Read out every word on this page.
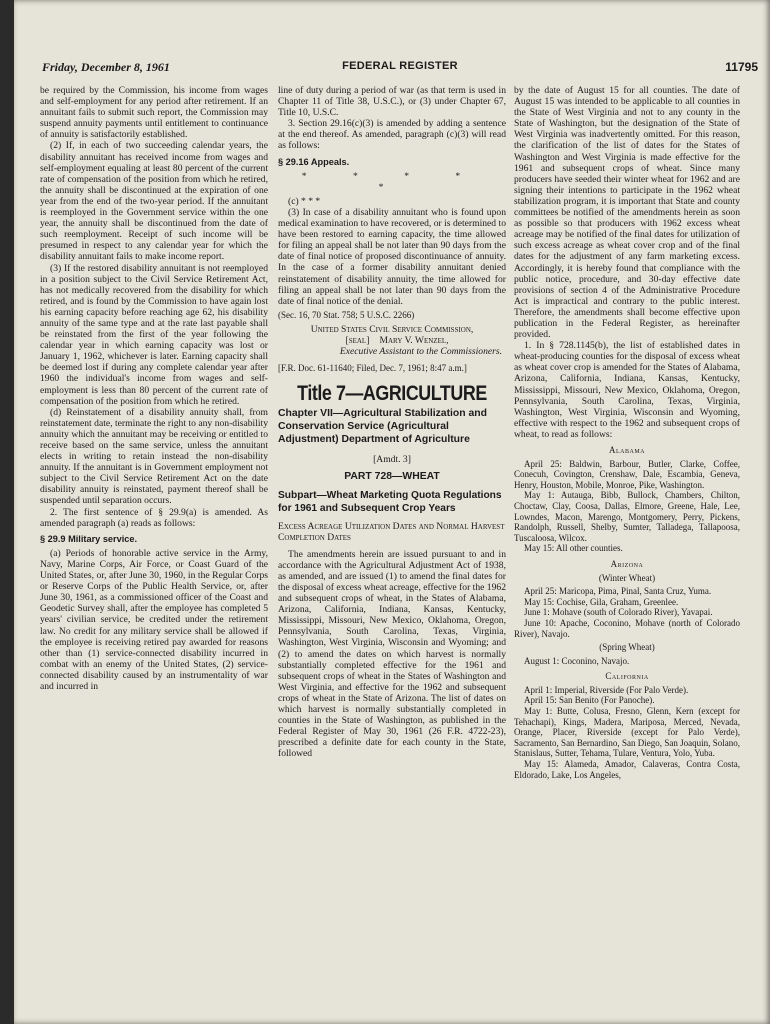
Friday, December 8, 1961	FEDERAL REGISTER	11795

be required by the Commission, his income from wages and self-employment for any period after retirement. If an annuitant fails to submit such report, the Commission may suspend annuity payments until entitlement to continuance of annuity is satisfactorily established.

(2) If, in each of two succeeding calendar years, the disability annuitant has received income from wages and self-employment equaling at least 80 percent of the current rate of compensation of the position from which he retired, the annuity shall be discontinued at the expiration of one year from the end of the two-year period. If the annuitant is reemployed in the Government service within the one year, the annuity shall be discontinued from the date of such reemployment. Receipt of such income will be presumed in respect to any calendar year for which the disability annuitant fails to make income report.

(3) If the restored disability annuitant is not reemployed in a position subject to the Civil Service Retirement Act, has not medically recovered from the disability for which retired, and is found by the Commission to have again lost his earning capacity before reaching age 62, his disability annuity of the same type and at the rate last payable shall be reinstated from the first of the year following the calendar year in which earning capacity was lost or January 1, 1962, whichever is later. Earning capacity shall be deemed lost if during any complete calendar year after 1960 the individual's income from wages and self-employment is less than 80 percent of the current rate of compensation of the position from which he retired.

(d) Reinstatement of a disability annuity shall, from reinstatement date, terminate the right to any non-disability annuity which the annuitant may be receiving or entitled to receive based on the same service, unless the annuitant elects in writing to retain instead the non-disability annuity. If the annuitant is in Government employment not subject to the Civil Service Retirement Act on the date disability annuity is reinstated, payment thereof shall be suspended until separation occurs.

2. The first sentence of § 29.9(a) is amended. As amended paragraph (a) reads as follows:

§ 29.9 Military service.

(a) Periods of honorable active service in the Army, Navy, Marine Corps, Air Force, or Coast Guard of the United States, or, after June 30, 1960, in the Regular Corps or Reserve Corps of the Public Health Service, or, after June 30, 1961, as a commissioned officer of the Coast and Geodetic Survey shall, after the employee has completed 5 years' civilian service, be credited under the retirement law. No credit for any military service shall be allowed if the employee is receiving retired pay awarded for reasons other than (1) service-connected disability incurred in combat with an enemy of the United States, (2) service-connected disability caused by an instrumentality of war and incurred in

line of duty during a period of war (as that term is used in Chapter 11 of Title 38, U.S.C.), or (3) under Chapter 67, Title 10, U.S.C.

3. Section 29.16(c)(3) is amended by adding a sentence at the end thereof. As amended, paragraph (c)(3) will read as follows:

§ 29.16 Appeals.

* * * * *

(c) * * *

(3) In case of a disability annuitant who is found upon medical examination to have recovered, or is determined to have been restored to earning capacity, the time allowed for filing an appeal shall be not later than 90 days from the date of final notice of proposed discontinuance of annuity. In the case of a former disability annuitant denied reinstatement of disability annuity, the time allowed for filing an appeal shall be not later than 90 days from the date of final notice of the denial.

(Sec. 16, 70 Stat. 758; 5 U.S.C. 2266)

United States Civil Service Commission,
[seal] Mary V. Wenzel,
Executive Assistant to the Commissioners.

[F.R. Doc. 61-11640; Filed, Dec. 7, 1961; 8:47 a.m.]

Title 7—AGRICULTURE

Chapter VII—Agricultural Stabilization and Conservation Service (Agricultural Adjustment) Department of Agriculture

[Amdt. 3]

PART 728—WHEAT

Subpart—Wheat Marketing Quota Regulations for 1961 and Subsequent Crop Years

Excess Acreage Utilization Dates and Normal Harvest Completion Dates

The amendments herein are issued pursuant to and in accordance with the Agricultural Adjustment Act of 1938, as amended, and are issued (1) to amend the final dates for the disposal of excess wheat acreage, effective for the 1962 and subsequent crops of wheat, in the States of Alabama, Arizona, California, Indiana, Kansas, Kentucky, Mississippi, Missouri, New Mexico, Oklahoma, Oregon, Pennsylvania, South Carolina, Texas, Virginia, Washington, West Virginia, Wisconsin and Wyoming; and (2) to amend the dates on which harvest is normally substantially completed effective for the 1961 and subsequent crops of wheat in the States of Washington and West Virginia, and effective for the 1962 and subsequent crops of wheat in the State of Arizona. The list of dates on which harvest is normally substantially completed in counties in the State of Washington, as published in the Federal Register of May 30, 1961 (26 F.R. 4722-23), prescribed a definite date for each county in the State, followed

by the date of August 15 for all counties. The date of August 15 was intended to be applicable to all counties in the State of West Virginia and not to any county in the State of Washington, but the designation of the State of West Virginia was inadvertently omitted. For this reason, the clarification of the list of dates for the States of Washington and West Virginia is made effective for the 1961 and subsequent crops of wheat. Since many producers have seeded their winter wheat for 1962 and are signing their intentions to participate in the 1962 wheat stabilization program, it is important that State and county committees be notified of the amendments herein as soon as possible so that producers with 1962 excess wheat acreage may be notified of the final dates for utilization of such excess acreage as wheat cover crop and of the final dates for the adjustment of any farm marketing excess. Accordingly, it is hereby found that compliance with the public notice, procedure, and 30-day effective date provisions of section 4 of the Administrative Procedure Act is impractical and contrary to the public interest. Therefore, the amendments shall become effective upon publication in the Federal Register, as hereinafter provided.

1. In § 728.1145(b), the list of established dates in wheat-producing counties for the disposal of excess wheat as wheat cover crop is amended for the States of Alabama, Arizona, California, Indiana, Kansas, Kentucky, Mississippi, Missouri, New Mexico, Oklahoma, Oregon, Pennsylvania, South Carolina, Texas, Virginia, Washington, West Virginia, Wisconsin and Wyoming, effective with respect to the 1962 and subsequent crops of wheat, to read as follows:

Alabama

April 25: Baldwin, Barbour, Butler, Clarke, Coffee, Conecuh, Covington, Crenshaw, Dale, Escambia, Geneva, Henry, Houston, Mobile, Monroe, Pike, Washington.

May 1: Autauga, Bibb, Bullock, Chambers, Chilton, Choctaw, Clay, Coosa, Dallas, Elmore, Greene, Hale, Lee, Lowndes, Macon, Marengo, Montgomery, Perry, Pickens, Randolph, Russell, Shelby, Sumter, Talladega, Tallapoosa, Tuscaloosa, Wilcox.

May 15: All other counties.

Arizona

(Winter Wheat)

April 25: Maricopa, Pima, Pinal, Santa Cruz, Yuma.

May 15: Cochise, Gila, Graham, Greenlee.

June 1: Mohave (south of Colorado River), Yavapai.

June 10: Apache, Coconino, Mohave (north of Colorado River), Navajo.

(Spring Wheat)

August 1: Coconino, Navajo.

California

April 1: Imperial, Riverside (For Palo Verde).

April 15: San Benito (For Panoche).

May 1: Butte, Colusa, Fresno, Glenn, Kern (except for Tehachapi), Kings, Madera, Mariposa, Merced, Nevada, Orange, Placer, Riverside (except for Palo Verde), Sacramento, San Bernardino, San Diego, San Joaquin, Solano, Stanislaus, Sutter, Tehama, Tulare, Ventura, Yolo, Yuba.

May 15: Alameda, Amador, Calaveras, Contra Costa, Eldorado, Lake, Los Angeles,
